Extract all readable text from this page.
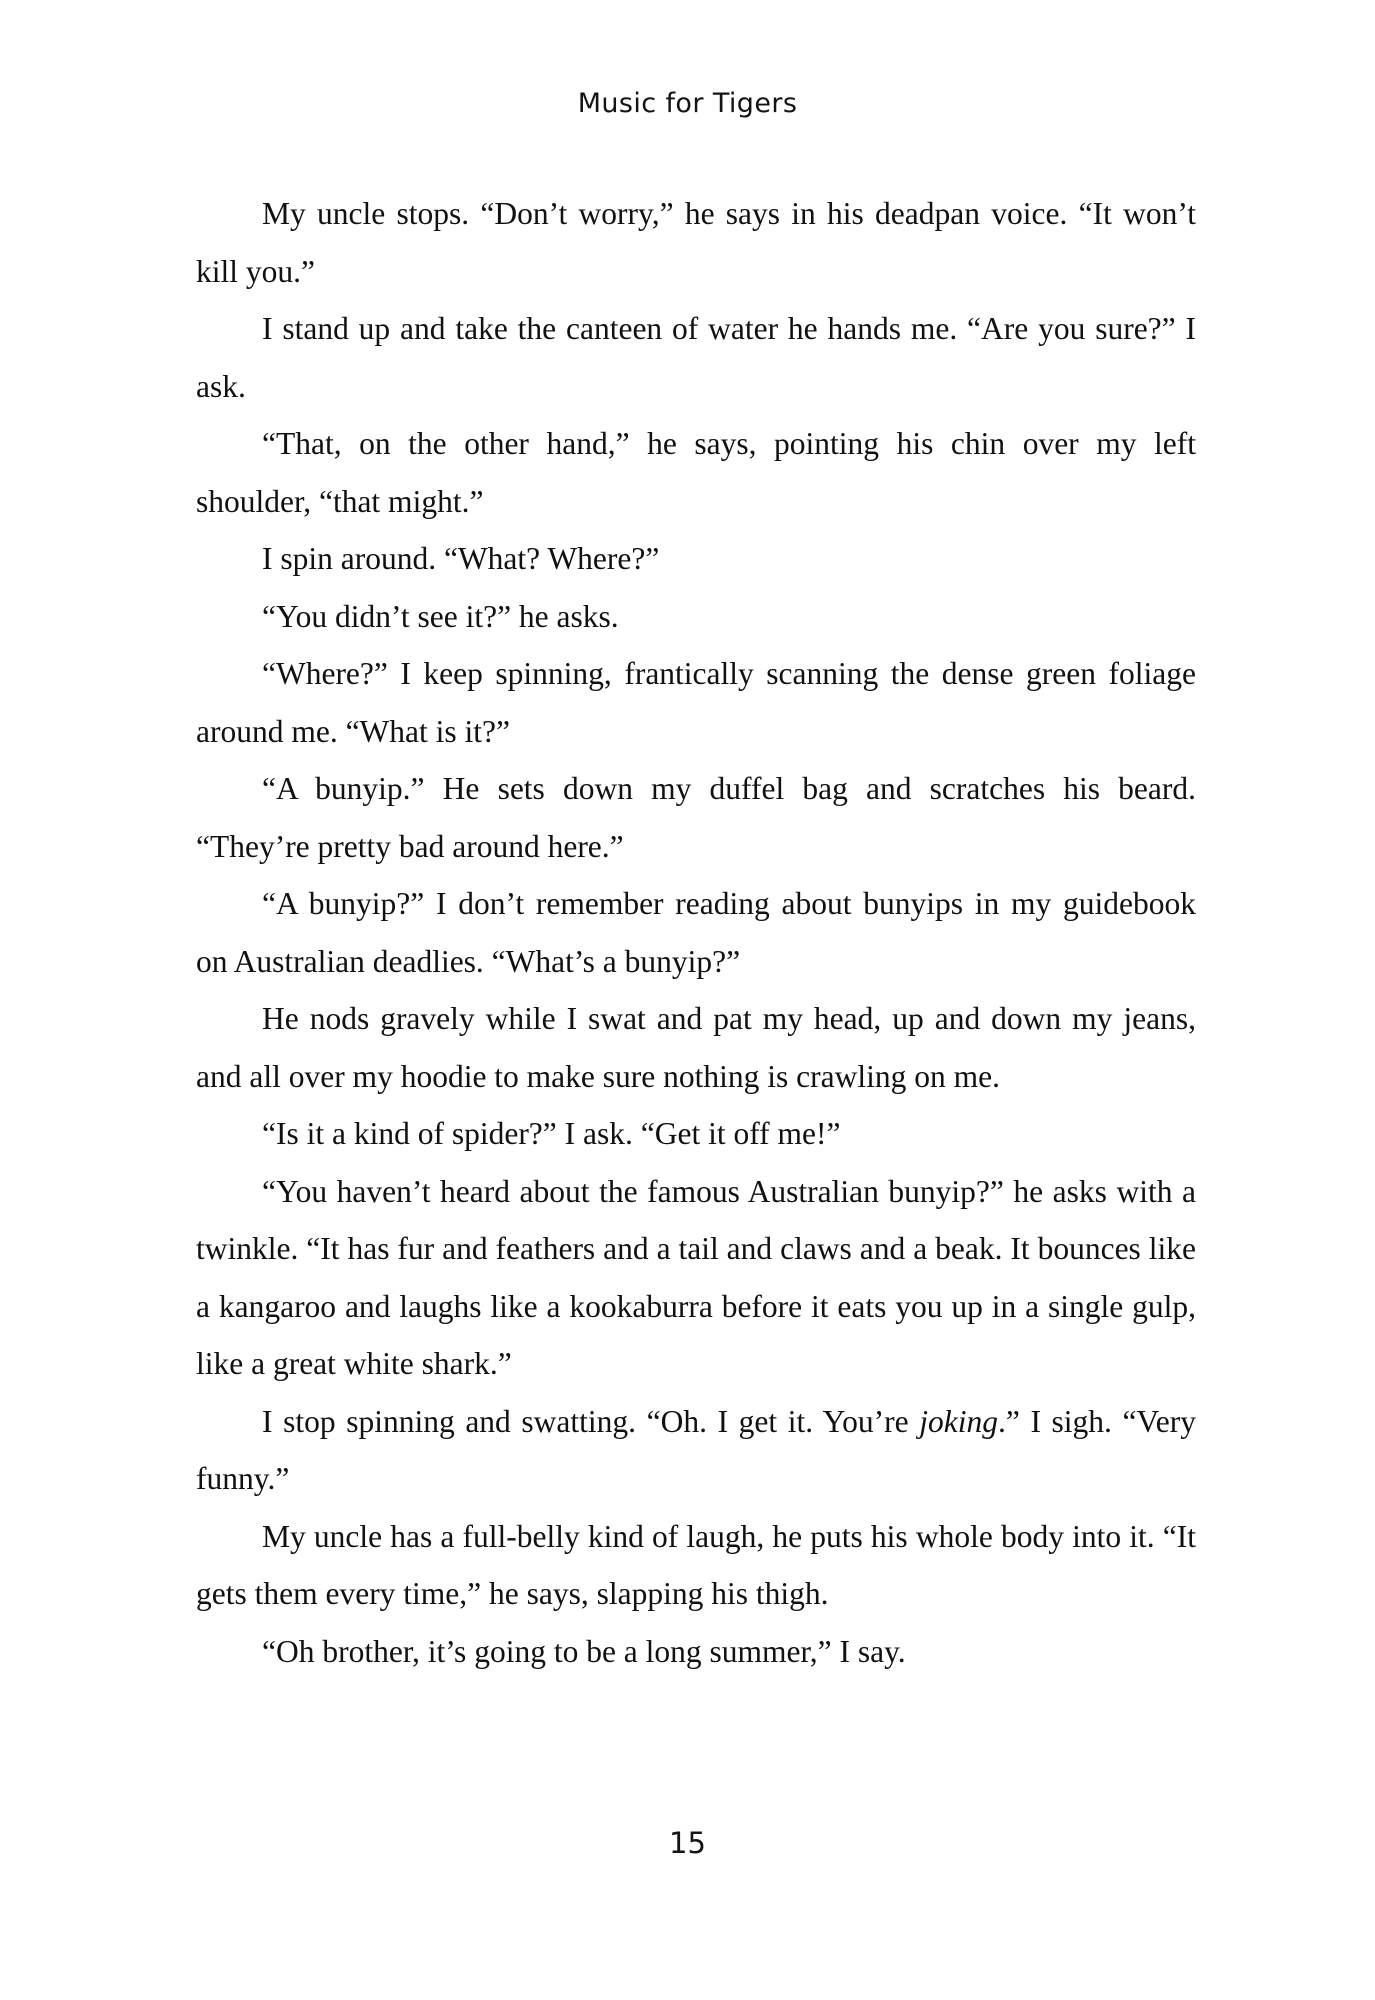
Music for Tigers

My uncle stops. “Don’t worry,” he says in his deadpan voice. “It won’t kill you.”

I stand up and take the canteen of water he hands me. “Are you sure?” I ask.

“That, on the other hand,” he says, pointing his chin over my left shoulder, “that might.”

I spin around. “What? Where?”

“You didn’t see it?” he asks.

“Where?” I keep spinning, frantically scanning the dense green foliage around me. “What is it?”

“A bunyip.” He sets down my duffel bag and scratches his beard. “They’re pretty bad around here.”

“A bunyip?” I don’t remember reading about bunyips in my guidebook on Australian deadlies. “What’s a bunyip?”

He nods gravely while I swat and pat my head, up and down my jeans, and all over my hoodie to make sure nothing is crawling on me.

“Is it a kind of spider?” I ask. “Get it off me!”

“You haven’t heard about the famous Australian bunyip?” he asks with a twinkle. “It has fur and feathers and a tail and claws and a beak. It bounces like a kangaroo and laughs like a kookaburra before it eats you up in a single gulp, like a great white shark.”

I stop spinning and swatting. “Oh. I get it. You’re joking.” I sigh. “Very funny.”

My uncle has a full-belly kind of laugh, he puts his whole body into it. “It gets them every time,” he says, slapping his thigh.

“Oh brother, it’s going to be a long summer,” I say.

15
